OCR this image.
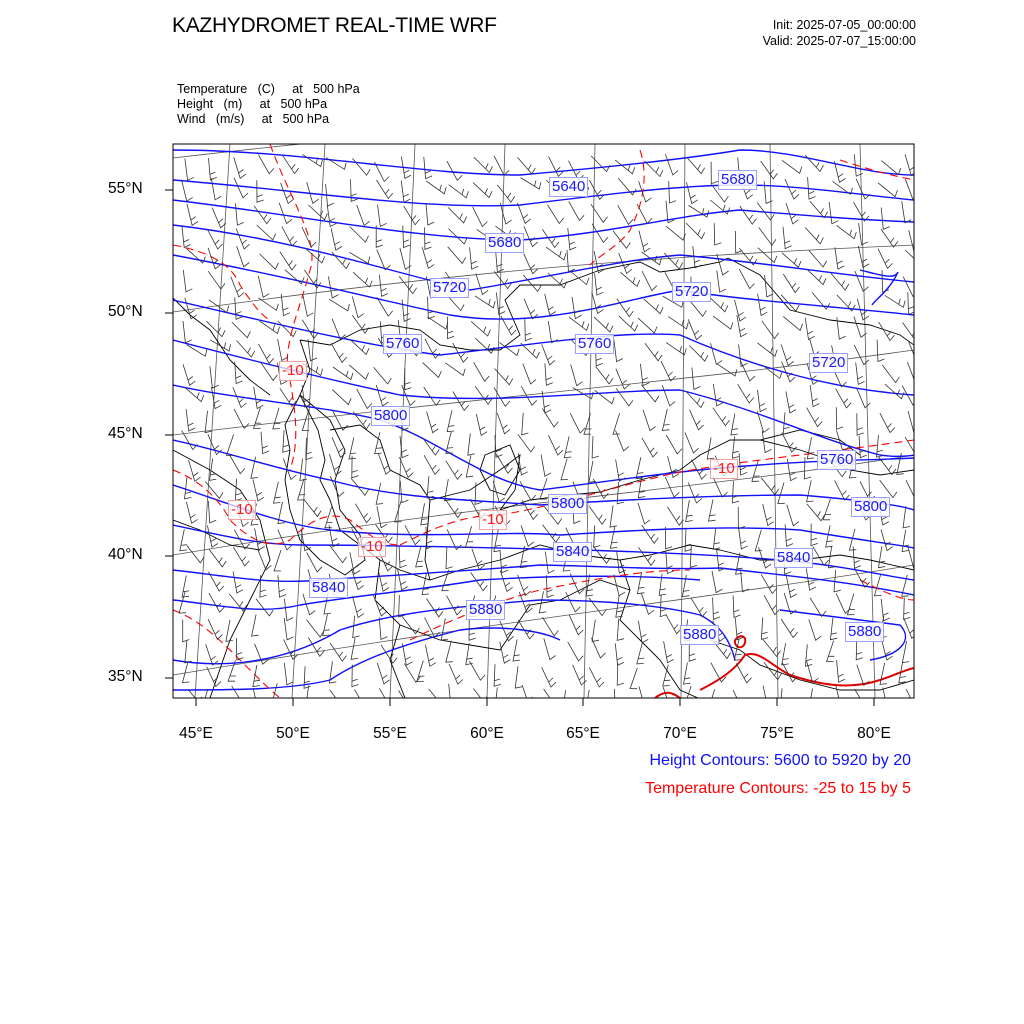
KAZHYDROMET REAL-TIME WRF	Init: 2025-07-05_00:00:00
Valid: 2025-07-07_15:00:00
Temperature   (C)     at   500 hPa
Height   (m)     at   500 hPa
Wind   (m/s)     at   500 hPa
5640	5680
5680
5720	5720
5760	5760
5720
5800
5760
5800	5800
5840	5840
5840
5880
5880	5880
-10
-10
-10
-10
-10
55°N
50°N
45°N
40°N
35°N
45°E	50°E	55°E	60°E	65°E	70°E	75°E	80°E
Height Contours: 5600 to 5920 by 20
Temperature Contours: -25 to 15 by 5
